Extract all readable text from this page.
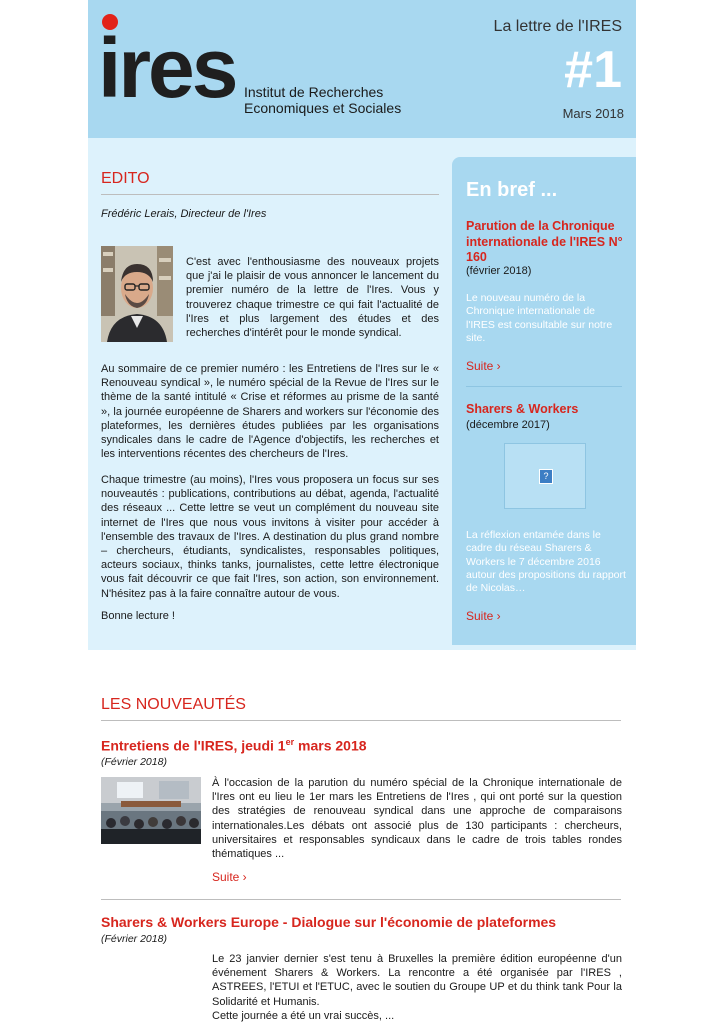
ires Institut de Recherches
Economiques et Sociales
La lettre de l'IRES
#1
Mars 2018
EDITO
Frédéric Lerais, Directeur de l'Ires
C'est avec l'enthousiasme des nouveaux projets que j'ai le plaisir de vous annoncer le lancement du premier numéro de la lettre de l'Ires. Vous y trouverez chaque trimestre ce qui fait l'actualité de l'Ires et plus largement des études et des recherches d'intérêt pour le monde syndical.
Au sommaire de ce premier numéro : les Entretiens de l'Ires sur le « Renouveau syndical », le numéro spécial de la Revue de l'Ires sur le thème de la santé intitulé « Crise et réformes au prisme de la santé », la journée européenne de Sharers and workers sur l'économie des plateformes, les dernières études publiées par les organisations syndicales dans le cadre de l'Agence d'objectifs, les recherches et les interventions récentes des chercheurs de l'Ires.
Chaque trimestre (au moins), l'Ires vous proposera un focus sur ses nouveautés : publications, contributions au débat, agenda, l'actualité des réseaux ... Cette lettre se veut un complément du nouveau site internet de l'Ires que nous vous invitons à visiter pour accéder à l'ensemble des travaux de l'Ires. A destination du plus grand nombre – chercheurs, étudiants, syndicalistes, responsables politiques, acteurs sociaux, thinks tanks, journalistes, cette lettre électronique vous fait découvrir ce que fait l'Ires, son action, son environnement. N'hésitez pas à la faire connaître autour de vous.
Bonne lecture !
En bref ...
Parution de la Chronique internationale de l'IRES N° 160
(février 2018)
Le nouveau numéro de la Chronique internationale de l'IRES est consultable sur notre site.
Suite ›
Sharers & Workers
(décembre 2017)
?
La réflexion entamée dans le cadre du réseau Sharers & Workers le 7 décembre 2016 autour des propositions du rapport de Nicolas…
Suite ›
LES NOUVEAUTÉS
Entretiens de l'IRES, jeudi 1er mars 2018
(Février 2018)
À l'occasion de la parution du numéro spécial de la Chronique internationale de l'Ires ont eu lieu le 1er mars les Entretiens de l'Ires , qui ont porté sur la question des stratégies de renouveau syndical dans une approche de comparaisons internationales.Les débats ont associé plus de 130 participants : chercheurs, universitaires et responsables syndicaux dans le cadre de trois tables rondes thématiques ...
Suite ›
Sharers & Workers Europe - Dialogue sur l'économie de plateformes
(Février 2018)
Le 23 janvier dernier s'est tenu à Bruxelles la première édition européenne d'un événement Sharers & Workers. La rencontre a été organisée par l'IRES , ASTREES, l'ETUI et l'ETUC, avec le soutien du Groupe UP et du think tank Pour la Solidarité et Humanis.
Cette journée a été un vrai succès, ...
